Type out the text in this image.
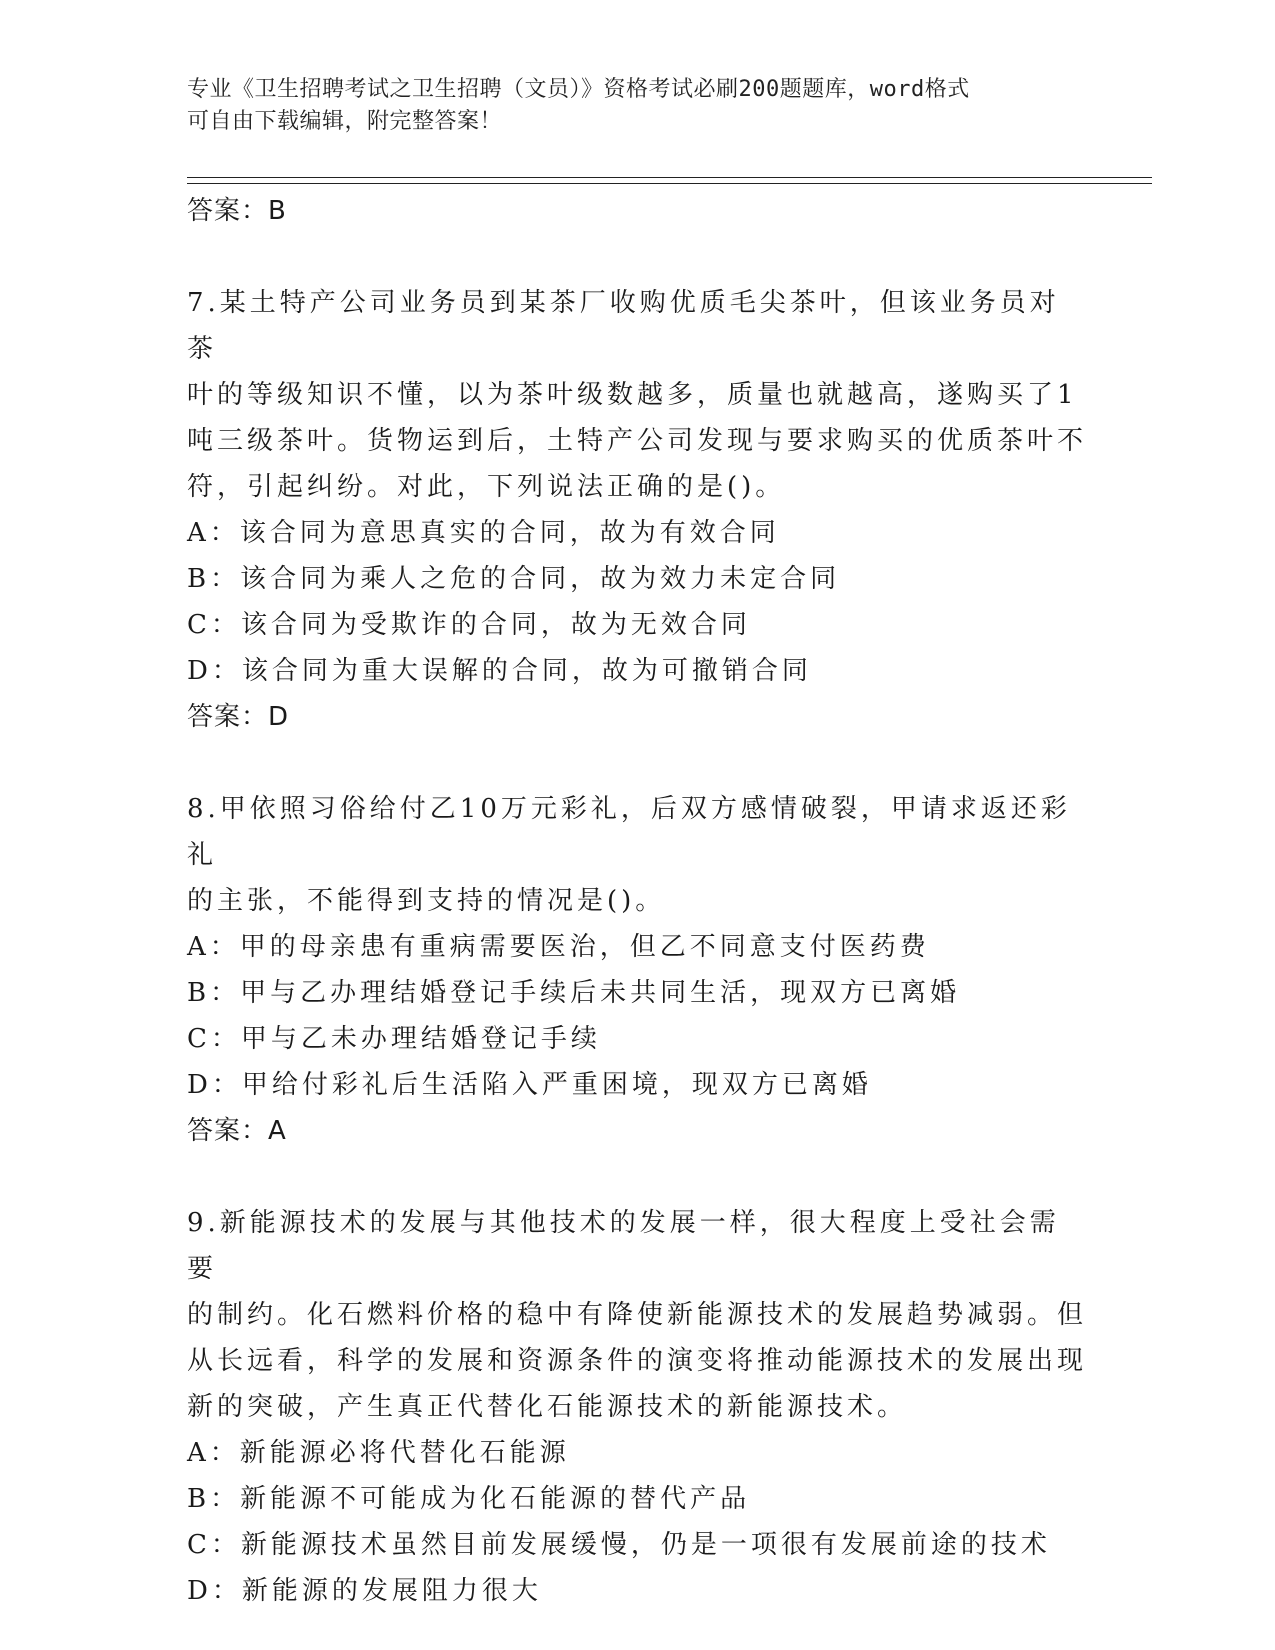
专业《卫生招聘考试之卫生招聘（文员）》资格考试必刷200题题库，word格式
可自由下载编辑，附完整答案！
答案：B

7.某土特产公司业务员到某茶厂收购优质毛尖茶叶，但该业务员对茶

叶的等级知识不懂，以为茶叶级数越多，质量也就越高，遂购买了1

吨三级茶叶。货物运到后，土特产公司发现与要求购买的优质茶叶不

符，引起纠纷。对此，下列说法正确的是()。

A：该合同为意思真实的合同，故为有效合同
B：该合同为乘人之危的合同，故为效力未定合同
C：该合同为受欺诈的合同，故为无效合同
D：该合同为重大误解的合同，故为可撤销合同
答案：D

8.甲依照习俗给付乙10万元彩礼，后双方感情破裂，甲请求返还彩礼

的主张，不能得到支持的情况是()。

A：甲的母亲患有重病需要医治，但乙不同意支付医药费
B：甲与乙办理结婚登记手续后未共同生活，现双方已离婚
C：甲与乙未办理结婚登记手续
D：甲给付彩礼后生活陷入严重困境，现双方已离婚
答案：A

9.新能源技术的发展与其他技术的发展一样，很大程度上受社会需要

的制约。化石燃料价格的稳中有降使新能源技术的发展趋势减弱。但

从长远看，科学的发展和资源条件的演变将推动能源技术的发展出现

新的突破，产生真正代替化石能源技术的新能源技术。

A：新能源必将代替化石能源
B：新能源不可能成为化石能源的替代产品
C：新能源技术虽然目前发展缓慢，仍是一项很有发展前途的技术
D：新能源的发展阻力很大
